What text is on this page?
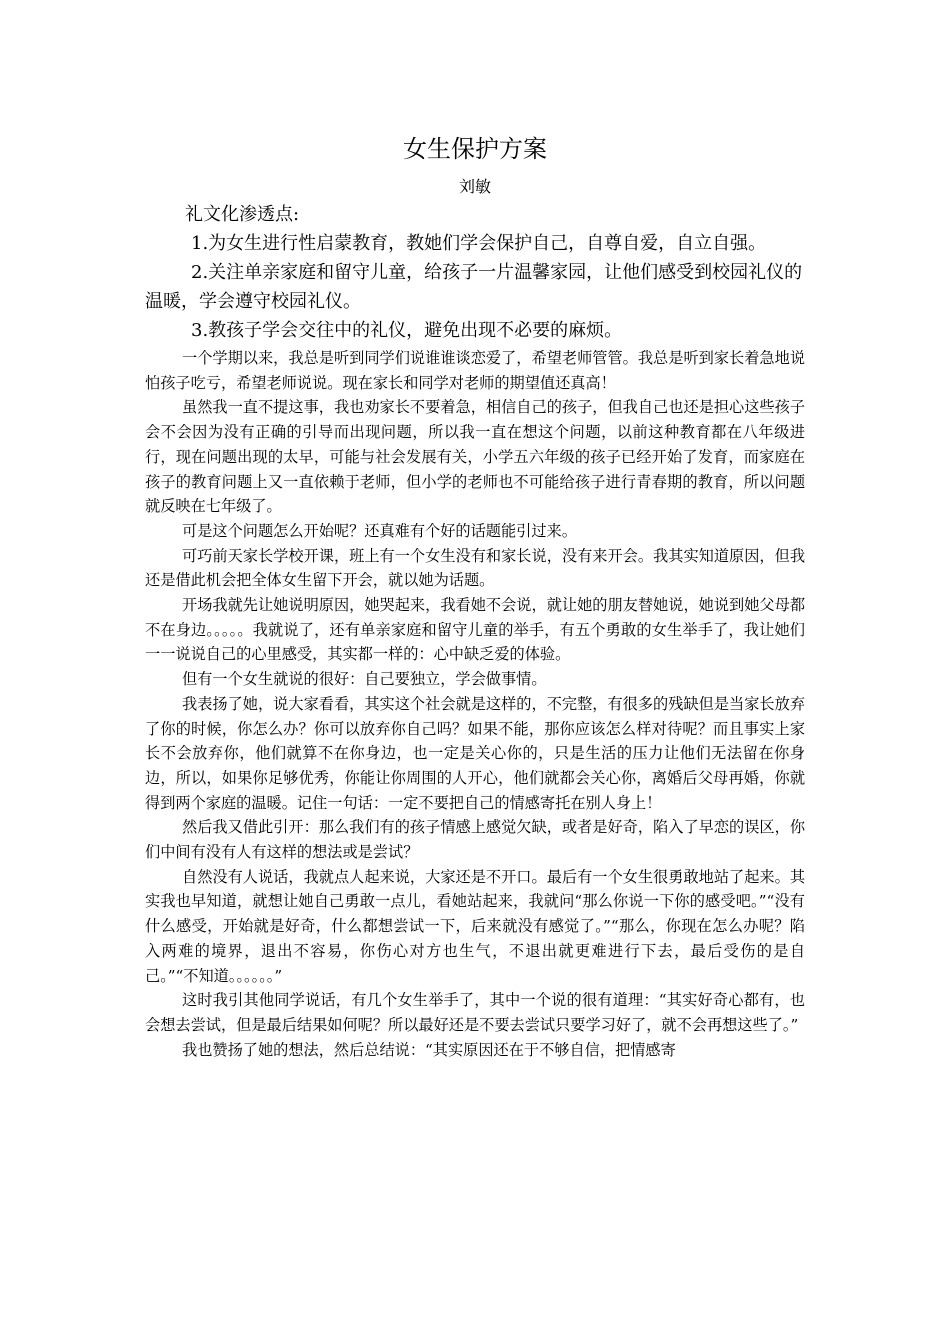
女生保护方案
刘敏

礼文化渗透点:

1.为女生进行性启蒙教育，教她们学会保护自己，自尊自爱，自立自强。

2.关注单亲家庭和留守儿童，给孩子一片温馨家园，让他们感受到校园礼仪的温暖，学会遵守校园礼仪。

3.教孩子学会交往中的礼仪，避免出现不必要的麻烦。

一个学期以来，我总是听到同学们说谁谁谈恋爱了，希望老师管管。我总是听到家长着急地说怕孩子吃亏，希望老师说说。现在家长和同学对老师的期望值还真高！

虽然我一直不提这事，我也劝家长不要着急，相信自己的孩子，但我自己也还是担心这些孩子会不会因为没有正确的引导而出现问题，所以我一直在想这个问题，以前这种教育都在八年级进行，现在问题出现的太早，可能与社会发展有关，小学五六年级的孩子已经开始了发育，而家庭在孩子的教育问题上又一直依赖于老师，但小学的老师也不可能给孩子进行青春期的教育，所以问题就反映在七年级了。

可是这个问题怎么开始呢？还真难有个好的话题能引过来。

可巧前天家长学校开课，班上有一个女生没有和家长说，没有来开会。我其实知道原因，但我还是借此机会把全体女生留下开会，就以她为话题。

开场我就先让她说明原因，她哭起来，我看她不会说，就让她的朋友替她说，她说到她父母都不在身边。。。。。我就说了，还有单亲家庭和留守儿童的举手，有五个勇敢的女生举手了，我让她们一一说说自己的心里感受，其实都一样的：心中缺乏爱的体验。

但有一个女生就说的很好：自己要独立，学会做事情。

我表扬了她，说大家看看，其实这个社会就是这样的，不完整，有很多的残缺但是当家长放弃了你的时候，你怎么办？你可以放弃你自己吗？如果不能，那你应该怎么样对待呢？而且事实上家长不会放弃你，他们就算不在你身边，也一定是关心你的，只是生活的压力让他们无法留在你身边，所以，如果你足够优秀，你能让你周围的人开心，他们就都会关心你，离婚后父母再婚，你就得到两个家庭的温暖。记住一句话：一定不要把自己的情感寄托在别人身上！

然后我又借此引开：那么我们有的孩子情感上感觉欠缺，或者是好奇，陷入了早恋的误区，你们中间有没有人有这样的想法或是尝试？

自然没有人说话，我就点人起来说，大家还是不开口。最后有一个女生很勇敢地站了起来。其实我也早知道，就想让她自己勇敢一点儿，看她站起来，我就问“那么你说一下你的感受吧。”“没有什么感受，开始就是好奇，什么都想尝试一下，后来就没有感觉了。”“那么，你现在怎么办呢？陷入两难的境界，退出不容易，你伤心对方也生气，不退出就更难进行下去，最后受伤的是自己。”“不知道。。。。。。”

这时我引其他同学说话，有几个女生举手了，其中一个说的很有道理：“其实好奇心都有，也会想去尝试，但是最后结果如何呢？所以最好还是不要去尝试只要学习好了，就不会再想这些了。”

我也赞扬了她的想法，然后总结说：“其实原因还在于不够自信，把情感寄
